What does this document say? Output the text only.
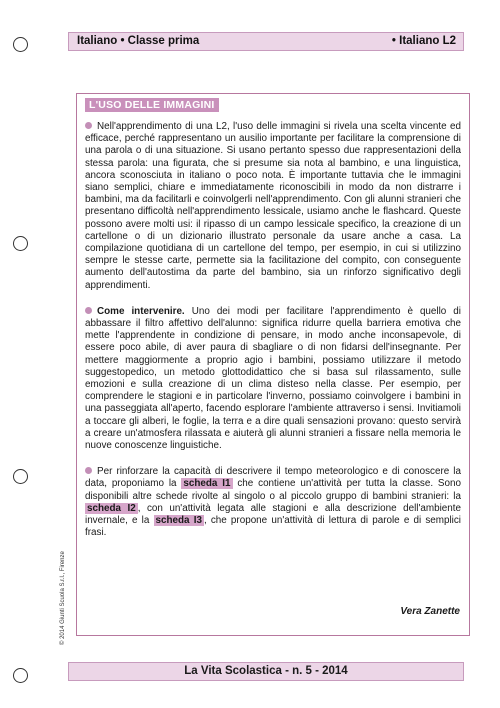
Italiano • Classe prima	• Italiano L2
L'USO DELLE IMMAGINI

Nell'apprendimento di una L2, l'uso delle immagini si rivela una scelta vincente ed efficace, perché rappresentano un ausilio importante per facilitare la comprensione di una parola o di una situazione. Si usano pertanto spesso due rappresentazioni della stessa parola: una figurata, che si presume sia nota al bambino, e una linguistica, ancora sconosciuta in italiano o poco nota. È importante tuttavia che le immagini siano semplici, chiare e immediatamente riconoscibili in modo da non distrarre i bambini, ma da facilitarli e coinvolgerli nell'apprendimento. Con gli alunni stranieri che presentano difficoltà nell'apprendimento lessicale, usiamo anche le flashcard. Queste possono avere molti usi: il ripasso di un campo lessicale specifico, la creazione di un cartellone o di un dizionario illustrato personale da usare anche a casa. La compilazione quotidiana di un cartellone del tempo, per esempio, in cui si utilizzino sempre le stesse carte, permette sia la facilitazione del compito, con conseguente aumento dell'autostima da parte del bambino, sia un rinforzo significativo degli apprendimenti.

Come intervenire. Uno dei modi per facilitare l'apprendimento è quello di abbassare il filtro affettivo dell'alunno: significa ridurre quella barriera emotiva che mette l'apprendente in condizione di pensare, in modo anche inconsapevole, di essere poco abile, di aver paura di sbagliare o di non fidarsi dell'insegnante. Per mettere maggiormente a proprio agio i bambini, possiamo utilizzare il metodo suggestopedico, un metodo glottodidattico che si basa sul rilassamento, sulle emozioni e sulla creazione di un clima disteso nella classe. Per esempio, per comprendere le stagioni e in particolare l'inverno, possiamo coinvolgere i bambini in una passeggiata all'aperto, facendo esplorare l'ambiente attraverso i sensi. Invitiamoli a toccare gli alberi, le foglie, la terra e a dire quali sensazioni provano: questo servirà a creare un'atmosfera rilassata e aiuterà gli alunni stranieri a fissare nella memoria le nuove conoscenze linguistiche.

Per rinforzare la capacità di descrivere il tempo meteorologico e di conoscere la data, proponiamo la scheda I1 che contiene un'attività per tutta la classe. Sono disponibili altre schede rivolte al singolo o al piccolo gruppo di bambini stranieri: la scheda I2 , con un'attività legata alle stagioni e alla descrizione dell'ambiente invernale, e la scheda I3 , che propone un'attività di lettura di parole e di semplici frasi.

Vera Zanette
© 2014 Giunti Scuola S.r.l., Firenze
La Vita Scolastica - n. 5 - 2014
